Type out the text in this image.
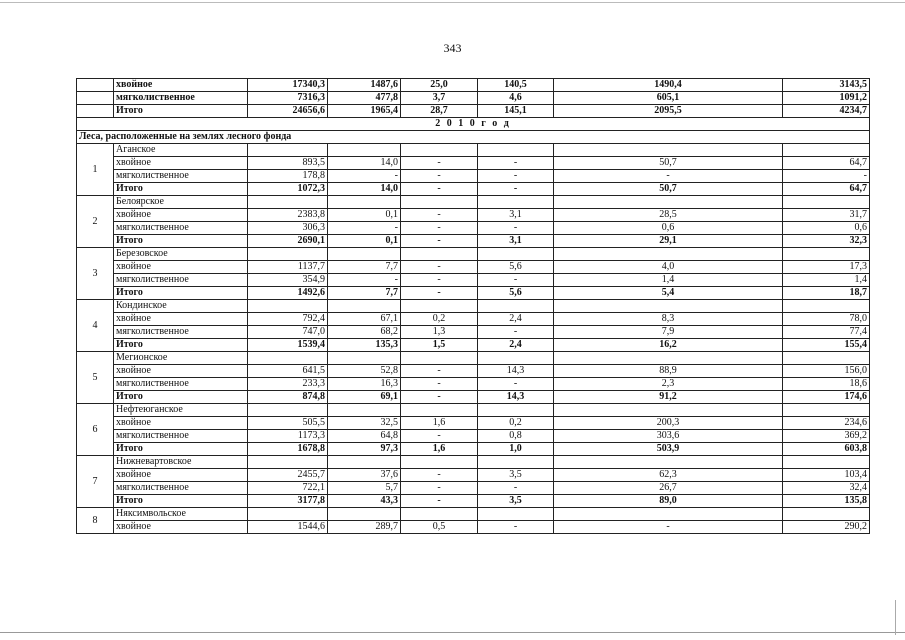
343
	хвойное	17340,3	1487,6	25,0	140,5	1490,4	3143,5
	мягколиственное	7316,3	477,8	3,7	4,6	605,1	1091,2
	Итого	24656,6	1965,4	28,7	145,1	2095,5	4234,7
2 0 1 0 г о д							
Леса, расположенные на землях лесного фонда							
1	Аганское						
	хвойное	893,5	14,0	-	-	50,7	64,7
	мягколиственное	178,8	-	-	-	-	-
	Итого	1072,3	14,0	-	-	50,7	64,7
2	Белоярское						
	хвойное	2383,8	0,1	-	3,1	28,5	31,7
	мягколиственное	306,3	-	-	-	0,6	0,6
	Итого	2690,1	0,1	-	3,1	29,1	32,3
3	Березовское						
	хвойное	1137,7	7,7	-	5,6	4,0	17,3
	мягколиственное	354,9	-	-	-	1,4	1,4
	Итого	1492,6	7,7	-	5,6	5,4	18,7
4	Кондинское						
	хвойное	792,4	67,1	0,2	2,4	8,3	78,0
	мягколиственное	747,0	68,2	1,3	-	7,9	77,4
	Итого	1539,4	135,3	1,5	2,4	16,2	155,4
5	Мегионское						
	хвойное	641,5	52,8	-	14,3	88,9	156,0
	мягколиственное	233,3	16,3	-	-	2,3	18,6
	Итого	874,8	69,1	-	14,3	91,2	174,6
6	Нефтеюганское						
	хвойное	505,5	32,5	1,6	0,2	200,3	234,6
	мягколиственное	1173,3	64,8	-	0,8	303,6	369,2
	Итого	1678,8	97,3	1,6	1,0	503,9	603,8
7	Нижневартовское						
	хвойное	2455,7	37,6	-	3,5	62,3	103,4
	мягколиственное	722,1	5,7	-	-	26,7	32,4
	Итого	3177,8	43,3	-	3,5	89,0	135,8
8	Няксимвольское						
	хвойное	1544,6	289,7	0,5	-	-	290,2
